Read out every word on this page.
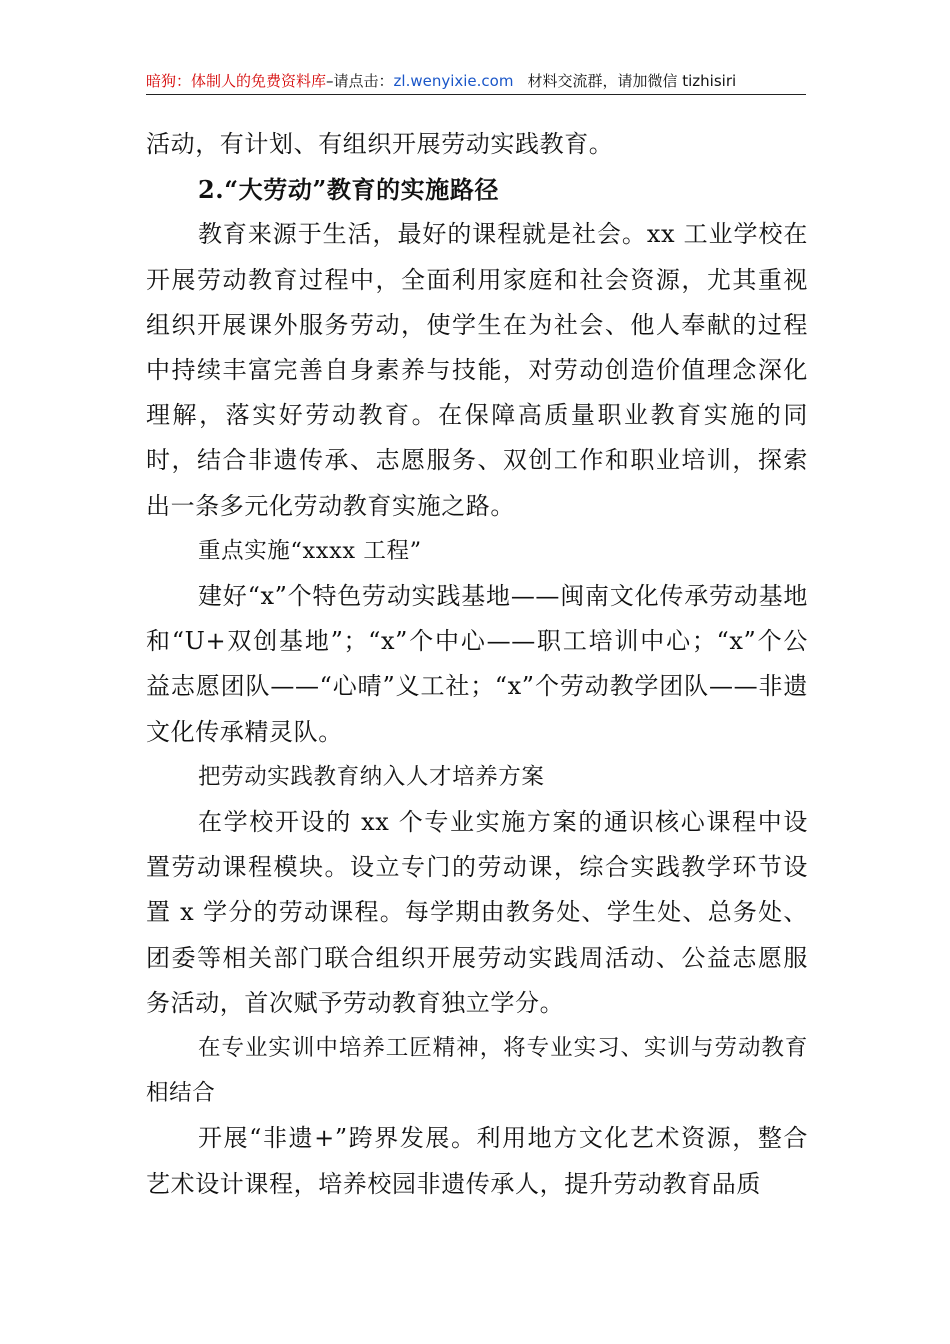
暗狗：体制人的免费资料库–请点击：zl.wenyixie.com 材料交流群，请加微信 tizhisiri

活动，有计划、有组织开展劳动实践教育。

2.“大劳动”教育的实施路径

教育来源于生活，最好的课程就是社会。xx 工业学校在开展劳动教育过程中，全面利用家庭和社会资源，尤其重视组织开展课外服务劳动，使学生在为社会、他人奉献的过程中持续丰富完善自身素养与技能，对劳动创造价值理念深化理解，落实好劳动教育。在保障高质量职业教育实施的同时，结合非遗传承、志愿服务、双创工作和职业培训，探索出一条多元化劳动教育实施之路。

重点实施“xxxx 工程”

建好“x”个特色劳动实践基地——闽南文化传承劳动基地和“U+双创基地”；“x”个中心——职工培训中心；“x”个公益志愿团队——“心晴”义工社；“x”个劳动教学团队——非遗文化传承精灵队。

把劳动实践教育纳入人才培养方案

在学校开设的 xx 个专业实施方案的通识核心课程中设置劳动课程模块。设立专门的劳动课，综合实践教学环节设置 x 学分的劳动课程。每学期由教务处、学生处、总务处、团委等相关部门联合组织开展劳动实践周活动、公益志愿服务活动，首次赋予劳动教育独立学分。

在专业实训中培养工匠精神，将专业实习、实训与劳动教育相结合

开展“非遗+”跨界发展。利用地方文化艺术资源，整合艺术设计课程，培养校园非遗传承人，提升劳动教育品质
